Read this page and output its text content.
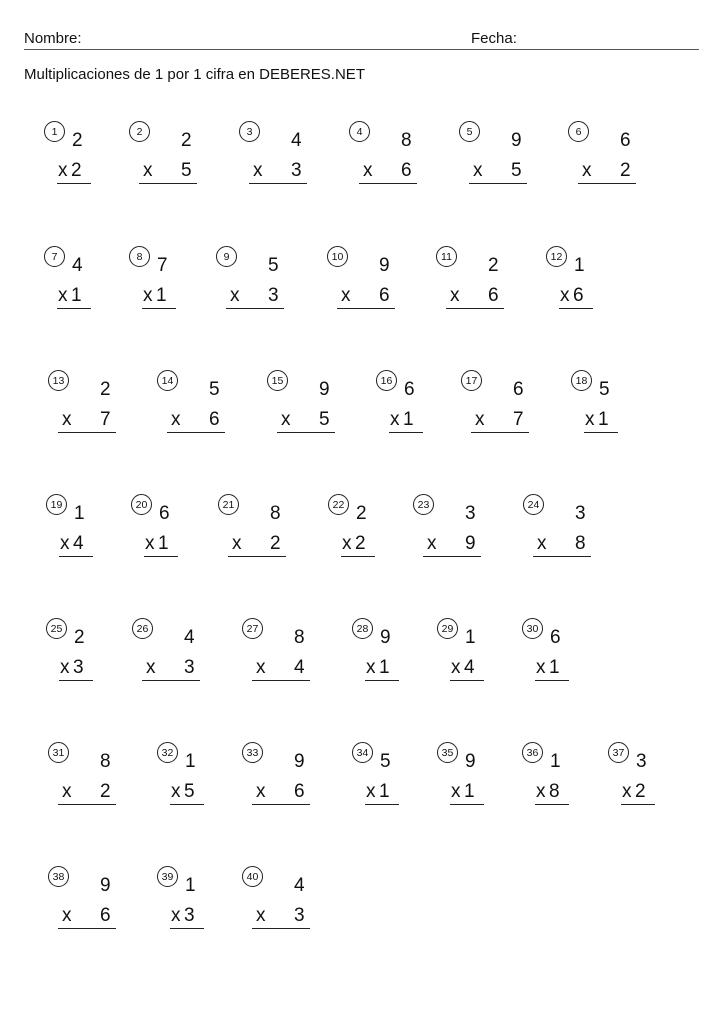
Nombre:	Fecha:
Multiplicaciones de 1 por 1 cifra en DEBERES.NET
1 2
x 2
2	2
x 5
3	4
x 3
4	8
x 6
5	9
x 5
6	6
x 2
7 4
x 1
8 7
x 1
9	5
x 3
10 9
x 6
11 2
x 6
12 1
x 6
13 2
x 7
14 5
x 6
15 9
x 5
16 6
x 1
17 6
x 7
18 5
x 1
19 1
x 4
20 6
x 1
21 8
x 2
22 2
x 2
23 3
x 9
24 3
x 8
25 2
x 3
26 4
x 3
27 8
x 4
28 9
x 1
29 1
x 4
30 6
x 1
31 8
x 2
32 1
x 5
33 9
x 6
34 5
x 1
35 9
x 1
36 1
x 8
37 3
x 2
38 9
x 6
39 1
x 3
40 4
x 3
